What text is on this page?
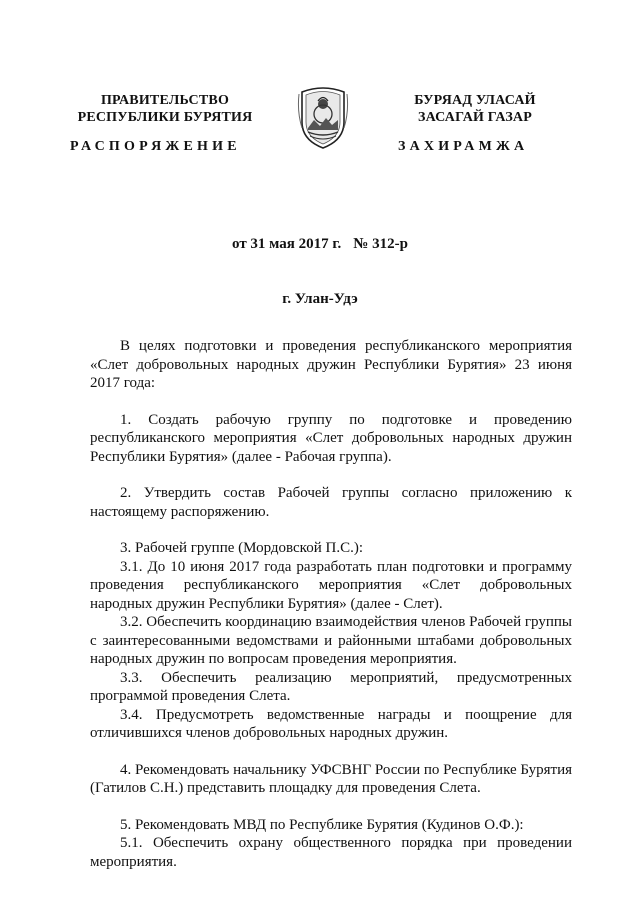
ПРАВИТЕЛЬСТВО
РЕСПУБЛИКИ БУРЯТИЯ
РАСПОРЯЖЕНИЕ
БУРЯАД УЛАСАЙ
ЗАСАГАЙ ГАЗАР
ЗАХИРАМЖА
от 31 мая 2017 г. № 312-р
г. Улан-Удэ

В целях подготовки и проведения республиканского мероприятия «Слет добровольных народных дружин Республики Бурятия» 23 июня 2017 года:

1. Создать рабочую группу по подготовке и проведению республиканского мероприятия «Слет добровольных народных дружин Республики Бурятия» (далее - Рабочая группа).

2. Утвердить состав Рабочей группы согласно приложению к настоящему распоряжению.

3. Рабочей группе (Мордовской П.С.):

3.1. До 10 июня 2017 года разработать план подготовки и программу проведения республиканского мероприятия «Слет добровольных народных дружин Республики Бурятия» (далее - Слет).

3.2. Обеспечить координацию взаимодействия членов Рабочей группы с заинтересованными ведомствами и районными штабами добровольных народных дружин по вопросам проведения мероприятия.

3.3. Обеспечить реализацию мероприятий, предусмотренных программой проведения Слета.

3.4. Предусмотреть ведомственные награды и поощрение для отличившихся членов добровольных народных дружин.

4. Рекомендовать начальнику УФСВНГ России по Республике Бурятия (Гатилов С.Н.) представить площадку для проведения Слета.

5. Рекомендовать МВД по Республике Бурятия (Кудинов О.Ф.):

5.1. Обеспечить охрану общественного порядка при проведении мероприятия.
